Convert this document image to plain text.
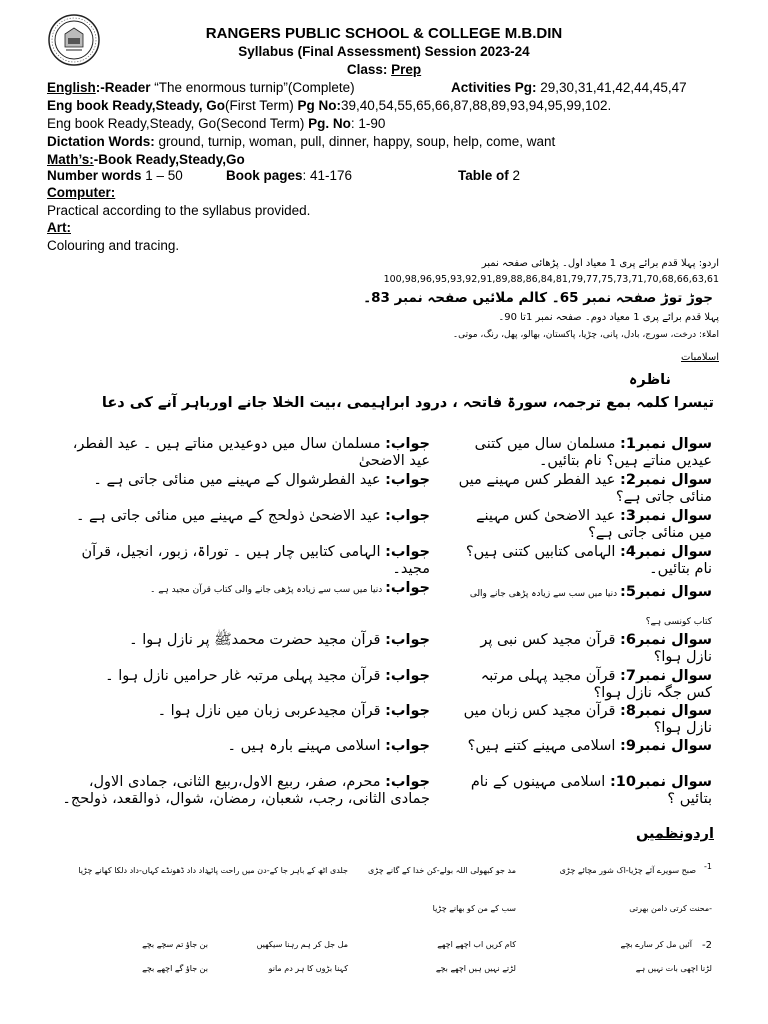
RANGERS PUBLIC SCHOOL & COLLEGE M.B.DIN
Syllabus (Final Assessment) Session 2023-24
Class: Prep
English:-Reader “The enormous turnip”(Complete)	Activities Pg: 29,30,31,41,42,44,45,47
Eng book Ready,Steady, Go(First Term) Pg No:39,40,54,55,65,66,87,88,89,93,94,95,99,102.
Eng book Ready,Steady, Go(Second Term) Pg. No: 1-90
Dictation Words: ground, turnip, woman, pull, dinner, happy, soup, help, come, want
Math’s:-Book Ready,Steady,Go
Number words 1 – 50	Book pages: 41-176	Table of 2
Computer:
Practical according to the syllabus provided.
Art:
Colouring and tracing.
اردو: پہلا قدم برائے پری 1 معیاد اول۔ پڑھائی صفحہ نمبر
100,98,96,95,93,92,91,89,88,86,84,81,79,77,75,73,71,70,68,66,63,61
جوڑ توڑ صفحہ نمبر 65۔ کالم ملائیں صفحہ نمبر 83۔
پہلا قدم برائے پری 1 معیاد دوم۔ صفحہ نمبر 1تا 90۔
املاء: درخت، سورج، بادل، پانی، چڑیا، پاکستان، بھالو، پھل، رنگ، موتی۔
اسلامیات
ناظرہ
تیسرا کلمہ بمع ترجمہ، سورۃ فاتحہ ، درود ابراہیمی ،بیت الخلا جانے اورباہر آنے کی دعا
سوال نمبر1: مسلمان سال میں کتنی عیدیں مناتے ہیں؟ نام بتائیں۔
جواب: مسلمان سال میں دوعیدیں مناتے ہیں ۔ عید الفطر، عید الاضحیٰ
سوال نمبر2: عید الفطر کس مہینے میں منائی جاتی ہے؟
جواب: عید الفطرشوال کے مہینے میں منائی جاتی ہے ۔
سوال نمبر3: عید الاضحیٰ کس مہینے میں منائی جاتی ہے؟
جواب: عید الاضحیٰ ذولحج کے مہینے میں منائی جاتی ہے ۔
سوال نمبر4: الہامی کتابیں کتنی ہیں؟ نام بتائیں۔
جواب: الہامی کتابیں چار ہیں ۔ توراۃ، زبور، انجیل، قرآن مجید۔
سوال نمبر5: دنیا میں سب سے زیادہ پڑھی جانے والی کتاب کونسی ہے؟
جواب: دنیا میں سب سے زیادہ پڑھی جانے والی کتاب قرآن مجید ہے ۔
سوال نمبر6: قرآن مجید کس نبی پر نازل ہوا؟
جواب: قرآن مجید حضرت محمدﷺ پر نازل ہوا ۔
سوال نمبر7: قرآن مجید پہلی مرتبہ کس جگہ نازل ہوا؟
جواب: قرآن مجید پہلی مرتبہ غار حرامیں نازل ہوا ۔
سوال نمبر8: قرآن مجید کس زبان میں نازل ہوا؟
جواب: قرآن مجیدعربی زبان میں نازل ہوا ۔
سوال نمبر9: اسلامی مہینے کتنے ہیں؟
جواب: اسلامی مہینے بارہ ہیں ۔
سوال نمبر10: اسلامی مہینوں کے نام بتائیں ؟
جواب: محرم، صفر، ربیع الاول،ربیع الثانی، جمادی الاول، جمادی الثانی، رجب، شعبان، رمضان، شوال، ذوالقعد، ذولحج۔
اردونظمیں
-1
صبح سویرے آئے چڑیا-اک شور مچائے چڑی
مد جو کبھولی اللہ بولے-کن خدا کے گانے چڑی
جلدی اٹھ کے باہر جا کے-دن میں راحت پائے
داد داد ڈھونڈے کہاں-داد دلکا کھانے چڑیا
-محنت کرتی دامن بھرتی
سب کے من کو بھانے چڑیا
-2
آئیں مل کر سارے بچے
کام کریں اب اچھے اچھے
مل جل کر ہم رہنا سیکھیں
بن جاؤ تم سچے بچے
لڑنا اچھی بات نہیں ہے
لڑتے نہیں ہیں اچھے بچے
کہنا بڑوں کا ہر دم مانو
بن جاؤ گے اچھے بچے
